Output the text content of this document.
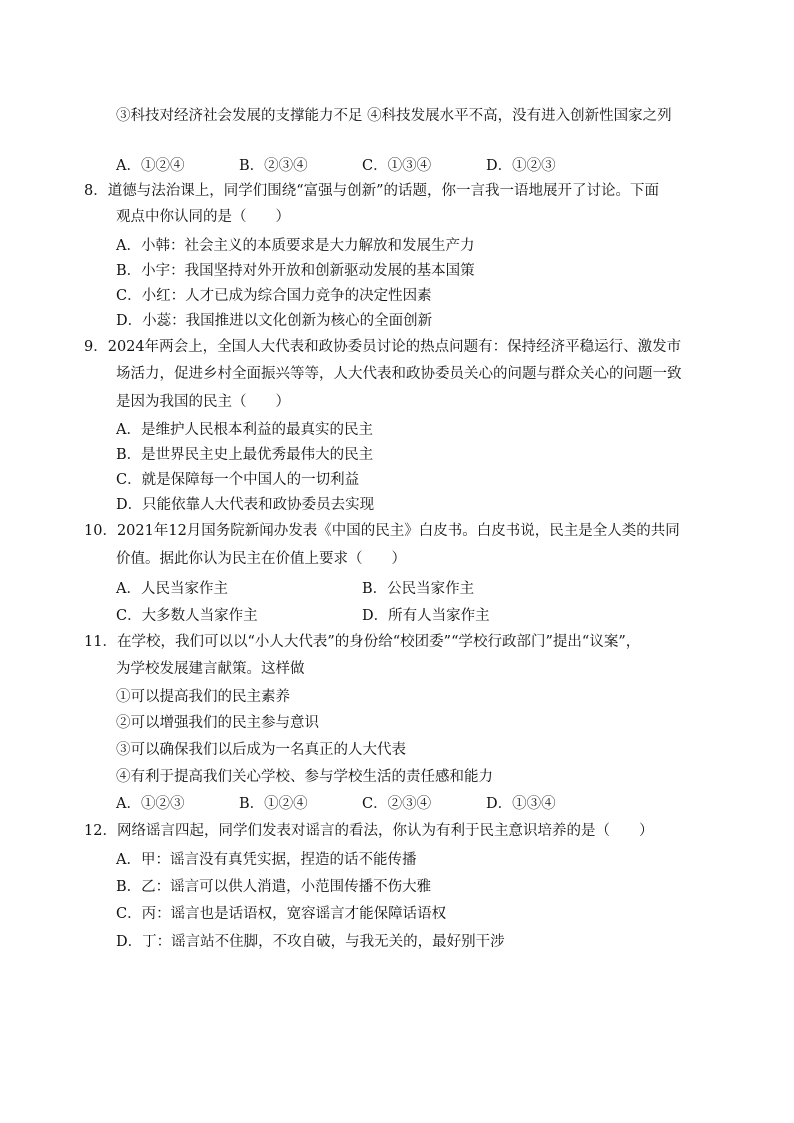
③科技对经济社会发展的支撑能力不足 ④科技发展水平不高，没有进入创新性国家之列
A．①②④	B．②③④	C．①③④	D．①②③
8．道德与法治课上，同学们围绕“富强与创新”的话题，你一言我一语地展开了讨论。下面
观点中你认同的是（　　）
A．小韩：社会主义的本质要求是大力解放和发展生产力
B．小宇：我国坚持对外开放和创新驱动发展的基本国策
C．小红：人才已成为综合国力竞争的决定性因素
D．小蕊：我国推进以文化创新为核心的全面创新
9．2024年两会上，全国人大代表和政协委员讨论的热点问题有：保持经济平稳运行、激发市
场活力，促进乡村全面振兴等等，人大代表和政协委员关心的问题与群众关心的问题一致
是因为我国的民主（　　）
A．是维护人民根本利益的最真实的民主
B．是世界民主史上最优秀最伟大的民主
C．就是保障每一个中国人的一切利益
D．只能依靠人大代表和政协委员去实现
10．2021年12月国务院新闻办发表《中国的民主》白皮书。白皮书说，民主是全人类的共同
价值。据此你认为民主在价值上要求（　　）
A．人民当家作主	B．公民当家作主
C．大多数人当家作主	D．所有人当家作主
11．在学校，我们可以以“小人大代表”的身份给“校团委”“学校行政部门”提出“议案”，
为学校发展建言献策。这样做
①可以提高我们的民主素养
②可以增强我们的民主参与意识
③可以确保我们以后成为一名真正的人大代表
④有利于提高我们关心学校、参与学校生活的责任感和能力
A．①②③	B．①②④	C．②③④	D．①③④
12．网络谣言四起，同学们发表对谣言的看法，你认为有利于民主意识培养的是（　　）
A．甲：谣言没有真凭实据，捏造的话不能传播
B．乙：谣言可以供人消遣，小范围传播不伤大雅
C．丙：谣言也是话语权，宽容谣言才能保障话语权
D．丁：谣言站不住脚，不攻自破，与我无关的，最好别干涉
